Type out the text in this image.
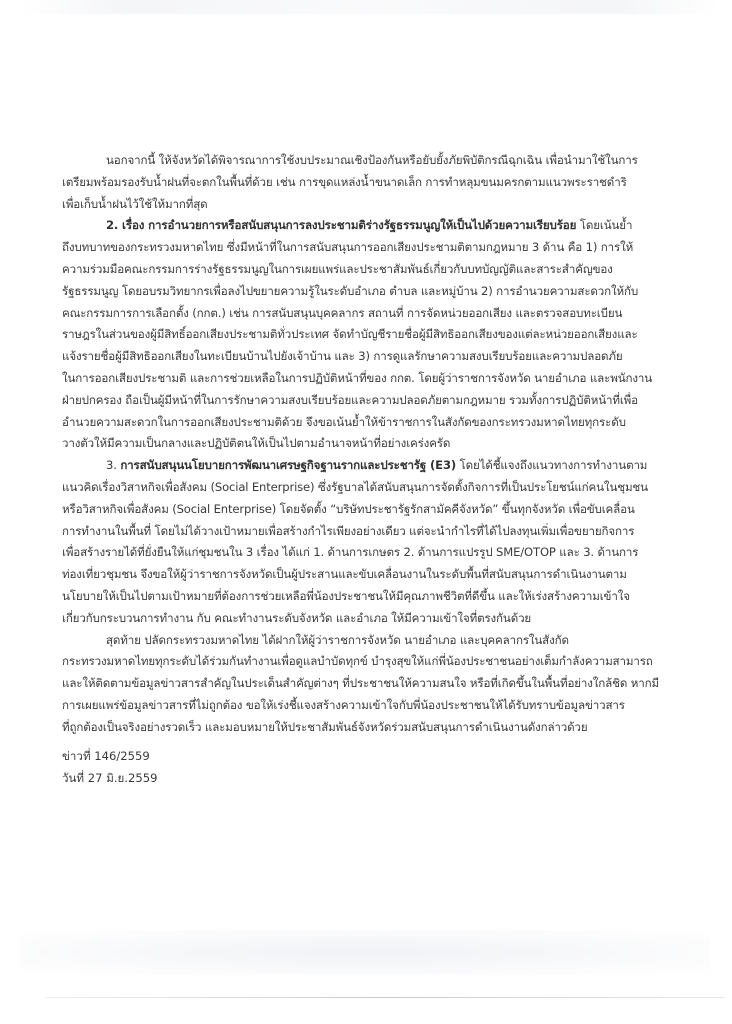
นอกจากนี้ ให้จังหวัดได้พิจารณาการใช้งบประมาณเชิงป้องกันหรือยับยั้งภัยพิบัติกรณีฉุกเฉิน เพื่อนำมาใช้ในการ
เตรียมพร้อมรองรับน้ำฝนที่จะตกในพื้นที่ด้วย เช่น การขุดแหล่งน้ำขนาดเล็ก การทำหลุมขนมครกตามแนวพระราชดำริ
เพื่อเก็บน้ำฝนไว้ใช้ให้มากที่สุด
2. เรื่อง การอำนวยการหรือสนับสนุนการลงประชามติร่างรัฐธรรมนูญให้เป็นไปด้วยความเรียบร้อย โดยเน้นย้ำ
ถึงบทบาทของกระทรวงมหาดไทย ซึ่งมีหน้าที่ในการสนับสนุนการออกเสียงประชามติตามกฎหมาย 3 ด้าน คือ 1) การให้
ความร่วมมือคณะกรรมการร่างรัฐธรรมนูญในการเผยแพร่และประชาสัมพันธ์เกี่ยวกับบทบัญญัติและสาระสำคัญของ
รัฐธรรมนูญ โดยอบรมวิทยากรเพื่อลงไปขยายความรู้ในระดับอำเภอ ตำบล และหมู่บ้าน 2) การอำนวยความสะดวกให้กับ
คณะกรรมการการเลือกตั้ง (กกต.) เช่น การสนับสนุนบุคคลากร สถานที่ การจัดหน่วยออกเสียง และตรวจสอบทะเบียน
ราษฎรในส่วนของผู้มีสิทธิ์ออกเสียงประชามติทั่วประเทศ จัดทำบัญชีรายชื่อผู้มีสิทธิออกเสียงของแต่ละหน่วยออกเสียงและ
แจ้งรายชื่อผู้มีสิทธิออกเสียงในทะเบียนบ้านไปยังเจ้าบ้าน และ 3) การดูแลรักษาความสงบเรียบร้อยและความปลอดภัย
ในการออกเสียงประชามติ และการช่วยเหลือในการปฏิบัติหน้าที่ของ กกต. โดยผู้ว่าราชการจังหวัด นายอำเภอ และพนักงาน
ฝ่ายปกครอง ถือเป็นผู้มีหน้าที่ในการรักษาความสงบเรียบร้อยและความปลอดภัยตามกฎหมาย รวมทั้งการปฏิบัติหน้าที่เพื่อ
อำนวยความสะดวกในการออกเสียงประชามติด้วย จึงขอเน้นย้ำให้ข้าราชการในสังกัดของกระทรวงมหาดไทยทุกระดับ
วางตัวให้มีความเป็นกลางและปฏิบัติตนให้เป็นไปตามอำนาจหน้าที่อย่างเคร่งครัด
3. การสนับสนุนนโยบายการพัฒนาเศรษฐกิจฐานรากและประชารัฐ (E3) โดยได้ชี้แจงถึงแนวทางการทำงานตาม
แนวคิดเรื่องวิสาหกิจเพื่อสังคม (Social Enterprise) ซึ่งรัฐบาลได้สนับสนุนการจัดตั้งกิจการที่เป็นประโยชน์แก่คนในชุมชน
หรือวิสาหกิจเพื่อสังคม (Social Enterprise) โดยจัดตั้ง “บริษัทประชารัฐรักสามัคคีจังหวัด” ขึ้นทุกจังหวัด เพื่อขับเคลื่อน
การทำงานในพื้นที่ โดยไม่ได้วางเป้าหมายเพื่อสร้างกำไรเพียงอย่างเดียว แต่จะนำกำไรที่ได้ไปลงทุนเพิ่มเพื่อขยายกิจการ
เพื่อสร้างรายได้ที่ยั่งยืนให้แก่ชุมชนใน 3 เรื่อง ได้แก่ 1. ด้านการเกษตร 2. ด้านการแปรรูป SME/OTOP และ 3. ด้านการ
ท่องเที่ยวชุมชน จึงขอให้ผู้ว่าราชการจังหวัดเป็นผู้ประสานและขับเคลื่อนงานในระดับพื้นที่สนับสนุนการดำเนินงานตาม
นโยบายให้เป็นไปตามเป้าหมายที่ต้องการช่วยเหลือพี่น้องประชาชนให้มีคุณภาพชีวิตที่ดีขึ้น และให้เร่งสร้างความเข้าใจ
เกี่ยวกับกระบวนการทำงาน กับ คณะทำงานระดับจังหวัด และอำเภอ ให้มีความเข้าใจที่ตรงกันด้วย
สุดท้าย ปลัดกระทรวงมหาดไทย ได้ฝากให้ผู้ว่าราชการจังหวัด นายอำเภอ และบุคคลากรในสังกัด
กระทรวงมหาดไทยทุกระดับได้ร่วมกันทำงานเพื่อดูแลบำบัดทุกข์ บำรุงสุขให้แก่พี่น้องประชาชนอย่างเต็มกำลังความสามารถ
และให้ติดตามข้อมูลข่าวสารสำคัญในประเด็นสำคัญต่างๆ ที่ประชาชนให้ความสนใจ หรือที่เกิดขึ้นในพื้นที่อย่างใกล้ชิด หากมี
การเผยแพร่ข้อมูลข่าวสารที่ไม่ถูกต้อง ขอให้เร่งชี้แจงสร้างความเข้าใจกับพี่น้องประชาชนให้ได้รับทราบข้อมูลข่าวสาร
ที่ถูกต้องเป็นจริงอย่างรวดเร็ว และมอบหมายให้ประชาสัมพันธ์จังหวัดร่วมสนับสนุนการดำเนินงานดังกล่าวด้วย
ข่าวที่ 146/2559
วันที่ 27 มิ.ย.2559
